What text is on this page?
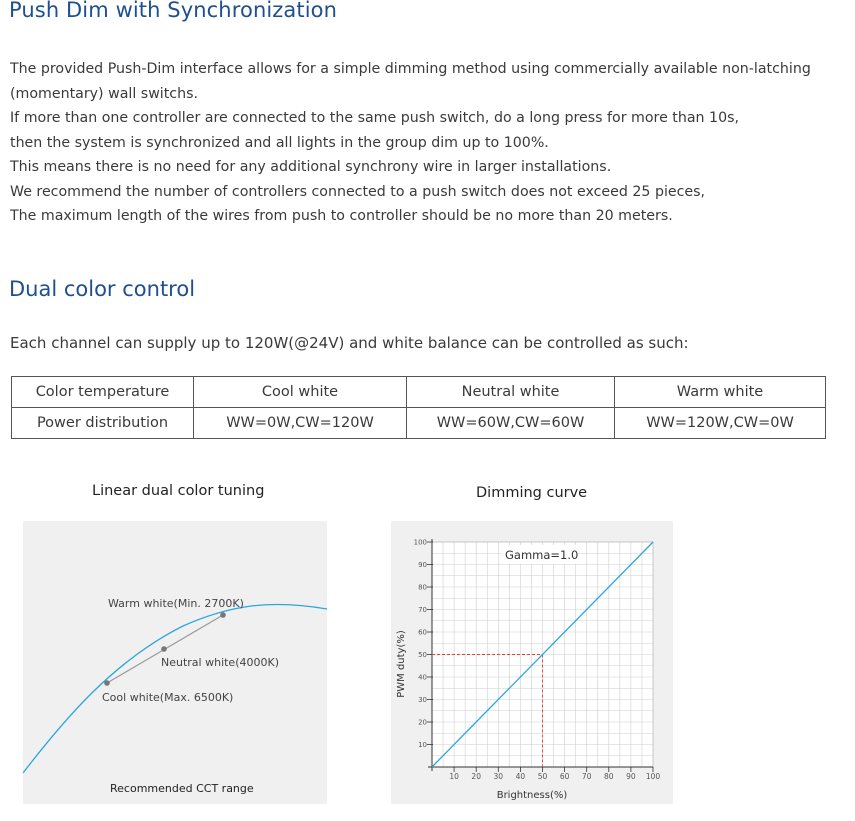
Push Dim with Synchronization
The provided Push-Dim interface allows for a simple dimming method using commercially available non-latching
(momentary) wall switchs.
If more than one controller are connected to the same push switch, do a long press for more than 10s,
then the system is synchronized and all lights in the group dim up to 100%.
This means there is no need for any additional synchrony wire in larger installations.
We recommend the number of controllers connected to a push switch does not exceed 25 pieces,
The maximum length of the wires from push to controller should be no more than 20 meters.
Dual color control
Each channel can supply up to 120W(@24V) and white balance can be controlled as such:
Color temperature	Cool white	Neutral white	Warm white
Power distribution	WW=0W,CW=120W	WW=60W,CW=60W	WW=120W,CW=0W
Linear dual color tuning	Dimming curve
Warm white(Min. 2700K)
Neutral white(4000K)
Cool white(Max. 6500K)
Recommended CCT range
10
20
30
40
50
60
70
80
90
100
10 20 30 40 50 60 70 80 90 100
Gamma=1.0
Brightness(%)
PWM duty(%)
